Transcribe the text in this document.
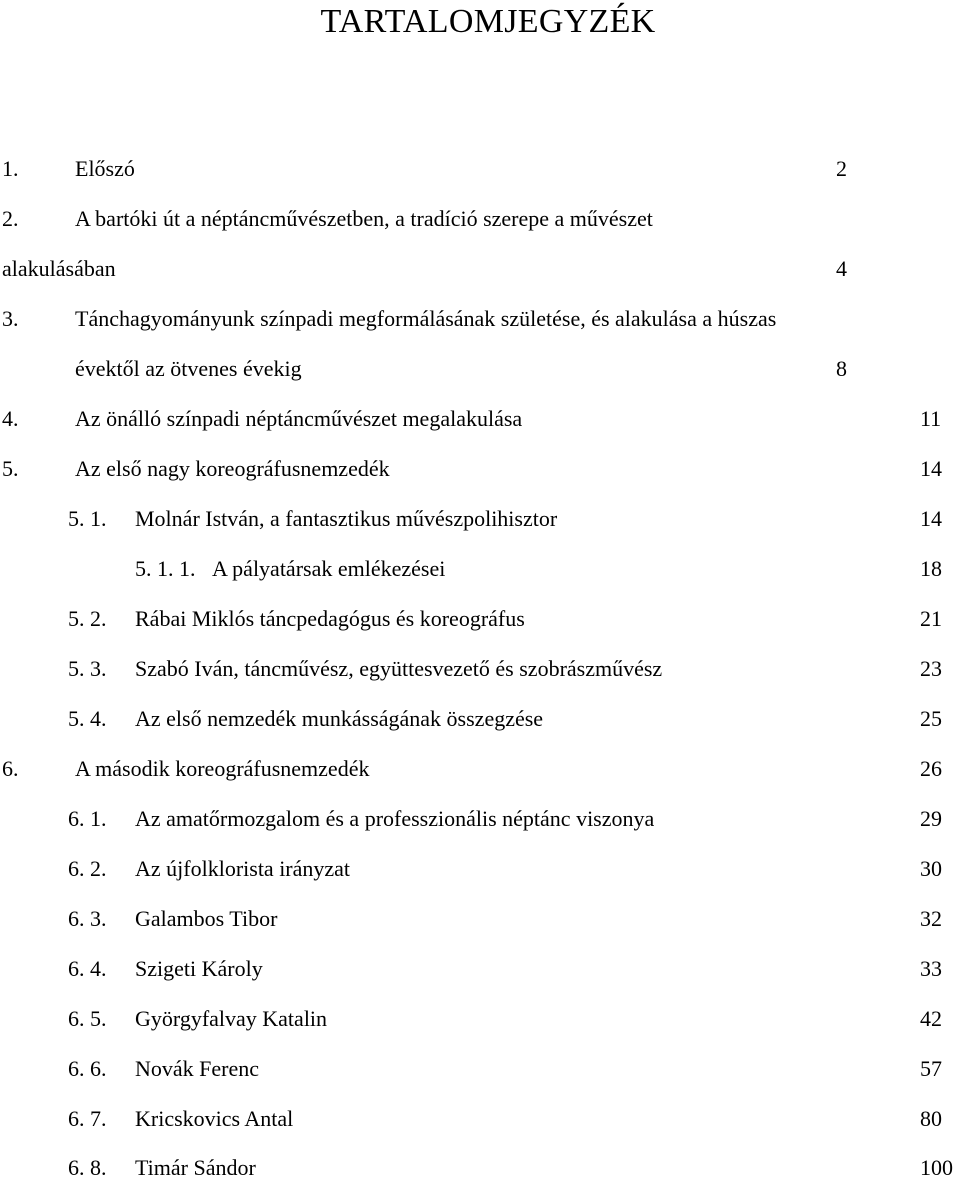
TARTALOMJEGYZÉK
1.	Előszó	2
2.	A bartóki út a néptáncművészetben, a tradíció szerepe a művészet
alakulásában	4
3.	Tánchagyományunk színpadi megformálásának születése, és alakulása a húszas
évektől az ötvenes évekig	8
4.	Az önálló színpadi néptáncművészet megalakulása	11
5.	Az első nagy koreográfusnemzedék	14
5. 1. Molnár István, a fantasztikus művészpolihisztor	14
5. 1. 1. A pályatársak emlékezései	18
5. 2. Rábai Miklós táncpedagógus és koreográfus	21
5. 3. Szabó Iván, táncművész, együttesvezető és szobrászművész	23
5. 4. Az első nemzedék munkásságának összegzése	25
6.	A második koreográfusnemzedék	26
6. 1. Az amatőrmozgalom és a professzionális néptánc viszonya	29
6. 2. Az újfolklorista irányzat	30
6. 3. Galambos Tibor	32
6. 4. Szigeti Károly	33
6. 5. Györgyfalvay Katalin	42
6. 6. Novák Ferenc	57
6. 7. Kricskovics Antal	80
6. 8. Timár Sándor	100
